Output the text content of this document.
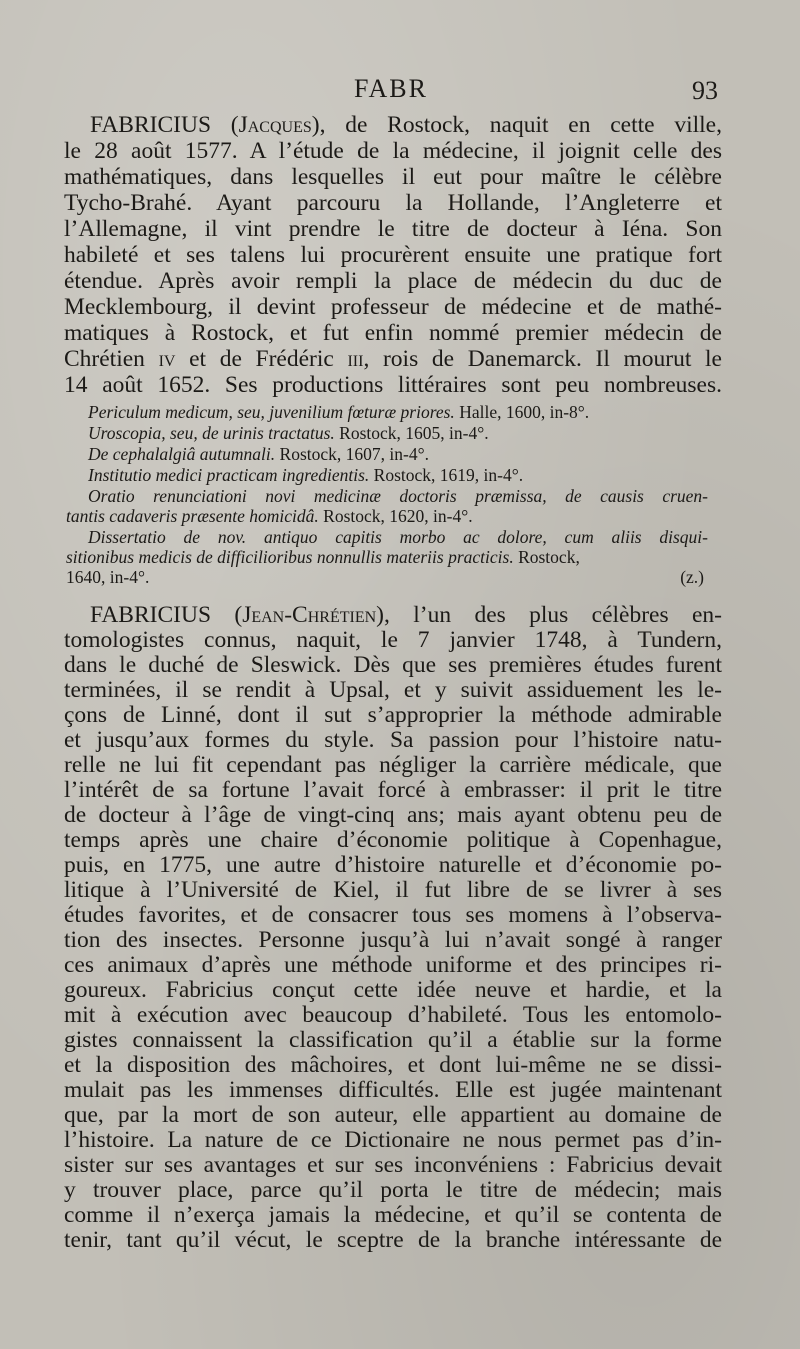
FABR	93
FABRICIUS (Jacques), de Rostock, naquit en cette ville,
le 28 août 1577. A l’étude de la médecine, il joignit celle des
mathématiques, dans lesquelles il eut pour maître le célèbre
Tycho-Brahé. Ayant parcouru la Hollande, l’Angleterre et
l’Allemagne, il vint prendre le titre de docteur à Iéna. Son
habileté et ses talens lui procurèrent ensuite une pratique fort
étendue. Après avoir rempli la place de médecin du duc de
Mecklembourg, il devint professeur de médecine et de mathé-
matiques à Rostock, et fut enfin nommé premier médecin de
Chrétien iv et de Frédéric iii, rois de Danemarck. Il mourut le
14 août 1652. Ses productions littéraires sont peu nombreuses.
Periculum medicum, seu, juvenilium fœturæ priores. Halle, 1600, in-8°.
Uroscopia, seu, de urinis tractatus. Rostock, 1605, in-4°.
De cephalalgiâ autumnali. Rostock, 1607, in-4°.
Institutio medici practicam ingredientis. Rostock, 1619, in-4°.
Oratio renunciationi novi medicinæ doctoris præmissa, de causis cruen-
tantis cadaveris præsente homicidâ. Rostock, 1620, in-4°.
Dissertatio de nov. antiquo capitis morbo ac dolore, cum aliis disqui-
sitionibus medicis de difficilioribus nonnullis materiis practicis. Rostock,
1640, in-4°.	(z.)
FABRICIUS (Jean-Chrétien), l’un des plus célèbres en-
tomologistes connus, naquit, le 7 janvier 1748, à Tundern,
dans le duché de Sleswick. Dès que ses premières études furent
terminées, il se rendit à Upsal, et y suivit assiduement les le-
çons de Linné, dont il sut s’approprier la méthode admirable
et jusqu’aux formes du style. Sa passion pour l’histoire natu-
relle ne lui fit cependant pas négliger la carrière médicale, que
l’intérêt de sa fortune l’avait forcé à embrasser: il prit le titre
de docteur à l’âge de vingt-cinq ans; mais ayant obtenu peu de
temps après une chaire d’économie politique à Copenhague,
puis, en 1775, une autre d’histoire naturelle et d’économie po-
litique à l’Université de Kiel, il fut libre de se livrer à ses
études favorites, et de consacrer tous ses momens à l’observa-
tion des insectes. Personne jusqu’à lui n’avait songé à ranger
ces animaux d’après une méthode uniforme et des principes ri-
goureux. Fabricius conçut cette idée neuve et hardie, et la
mit à exécution avec beaucoup d’habileté. Tous les entomolo-
gistes connaissent la classification qu’il a établie sur la forme
et la disposition des mâchoires, et dont lui-même ne se dissi-
mulait pas les immenses difficultés. Elle est jugée maintenant
que, par la mort de son auteur, elle appartient au domaine de
l’histoire. La nature de ce Dictionaire ne nous permet pas d’in-
sister sur ses avantages et sur ses inconvéniens : Fabricius devait
y trouver place, parce qu’il porta le titre de médecin; mais
comme il n’exerça jamais la médecine, et qu’il se contenta de
tenir, tant qu’il vécut, le sceptre de la branche intéressante de
